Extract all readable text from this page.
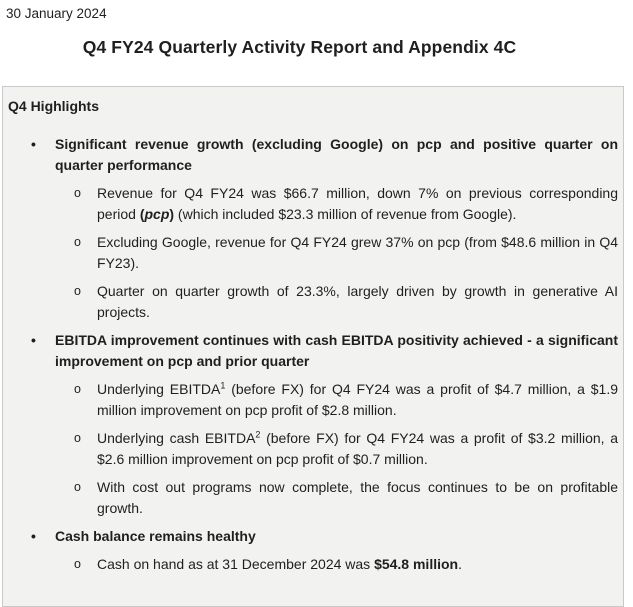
30 January 2024
Q4 FY24 Quarterly Activity Report and Appendix 4C
Q4 Highlights
• Significant revenue growth (excluding Google) on pcp and positive quarter on quarter performance
o Revenue for Q4 FY24 was $66.7 million, down 7% on previous corresponding period (pcp) (which included $23.3 million of revenue from Google).
o Excluding Google, revenue for Q4 FY24 grew 37% on pcp (from $48.6 million in Q4 FY23).
o Quarter on quarter growth of 23.3%, largely driven by growth in generative AI projects.
• EBITDA improvement continues with cash EBITDA positivity achieved - a significant improvement on pcp and prior quarter
o Underlying EBITDA$^1$ (before FX) for Q4 FY24 was a profit of $4.7 million, a $1.9 million improvement on pcp profit of $2.8 million.
o Underlying cash EBITDA$^2$ (before FX) for Q4 FY24 was a profit of $3.2 million, a $2.6 million improvement on pcp profit of $0.7 million.
o With cost out programs now complete, the focus continues to be on profitable growth.
• Cash balance remains healthy
o Cash on hand as at 31 December 2024 was $54.8 million.
